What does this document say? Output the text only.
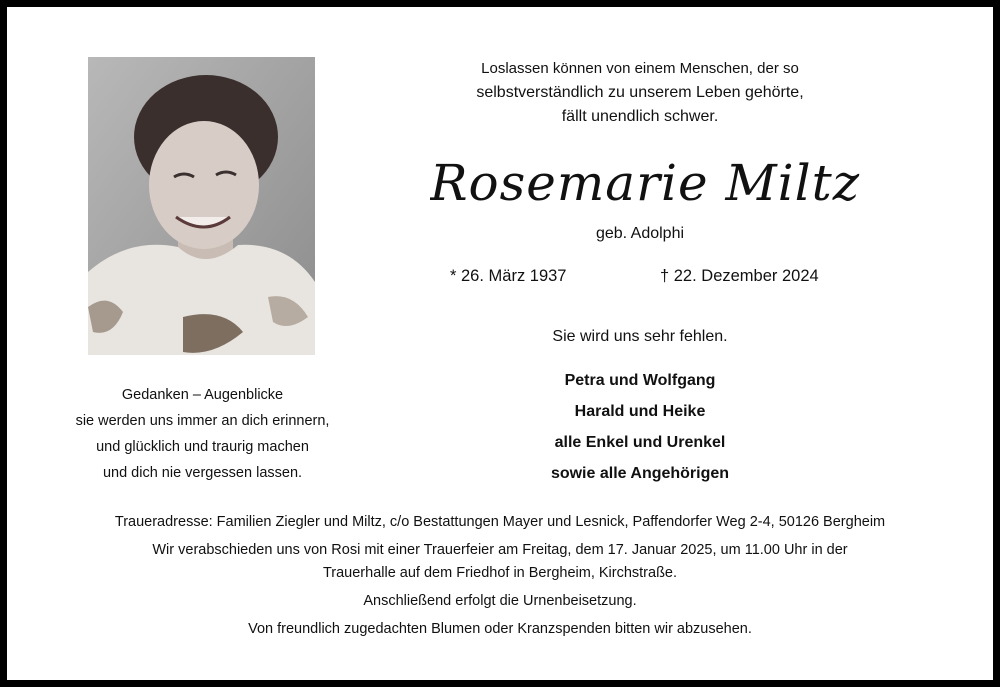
Gedanken – Augenblicke
sie werden uns immer an dich erinnern,
und glücklich und traurig machen
und dich nie vergessen lassen.
Loslassen können von einem Menschen, der so
selbstverständlich zu unserem Leben gehörte,
fällt unendlich schwer.
Rosemarie Miltz
geb. Adolphi
* 26. März 1937	† 22. Dezember 2024
Sie wird uns sehr fehlen.
Petra und Wolfgang
Harald und Heike
alle Enkel und Urenkel
sowie alle Angehörigen
Traueradresse: Familien Ziegler und Miltz, c/o Bestattungen Mayer und Lesnick, Paffendorfer Weg 2-4, 50126 Bergheim
Wir verabschieden uns von Rosi mit einer Trauerfeier am Freitag, dem 17. Januar 2025, um 11.00 Uhr in der
Trauerhalle auf dem Friedhof in Bergheim, Kirchstraße.
Anschließend erfolgt die Urnenbeisetzung.
Von freundlich zugedachten Blumen oder Kranzspenden bitten wir abzusehen.
